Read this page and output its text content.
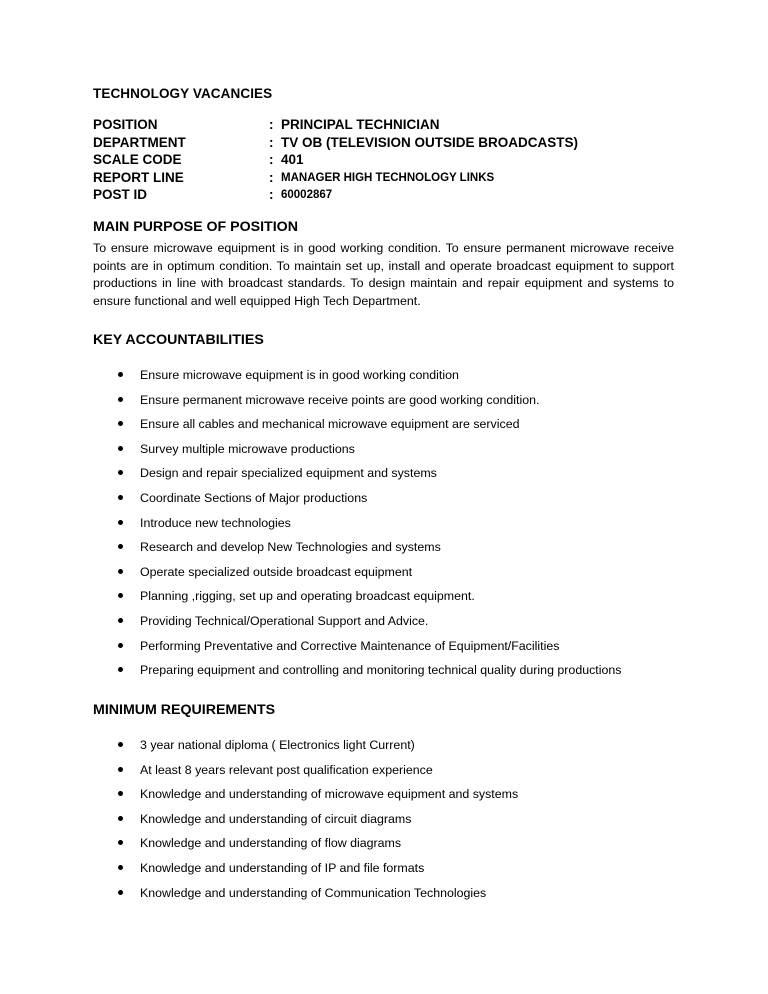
TECHNOLOGY VACANCIES
POSITION	:	PRINCIPAL TECHNICIAN
DEPARTMENT	:	TV OB (TELEVISION OUTSIDE BROADCASTS)
SCALE CODE	:	401
REPORT LINE	:	MANAGER HIGH TECHNOLOGY LINKS
POST ID	:	60002867
MAIN PURPOSE OF POSITION

To ensure microwave equipment is in good working condition. To ensure permanent microwave receive points are in optimum condition. To maintain set up, install and operate broadcast equipment to support productions in line with broadcast standards. To design maintain and repair equipment and systems to ensure functional and well equipped High Tech Department.

KEY ACCOUNTABILITIES
Ensure microwave equipment is in good working condition
Ensure permanent microwave receive points are good working condition.
Ensure all cables and mechanical microwave equipment are serviced
Survey multiple microwave productions
Design and repair specialized equipment and systems
Coordinate Sections of Major productions
Introduce new technologies
Research and develop New Technologies and systems
Operate specialized outside broadcast equipment
Planning ,rigging, set up and operating broadcast equipment.
Providing Technical/Operational Support and Advice.
Performing Preventative and Corrective Maintenance of Equipment/Facilities
Preparing equipment and controlling and monitoring technical quality during productions
MINIMUM REQUIREMENTS
3 year national diploma ( Electronics light Current)
At least 8 years relevant post qualification experience
Knowledge and understanding of microwave equipment and systems
Knowledge and understanding of circuit diagrams
Knowledge and understanding of flow diagrams
Knowledge and understanding of IP and file formats
Knowledge and understanding of Communication Technologies
